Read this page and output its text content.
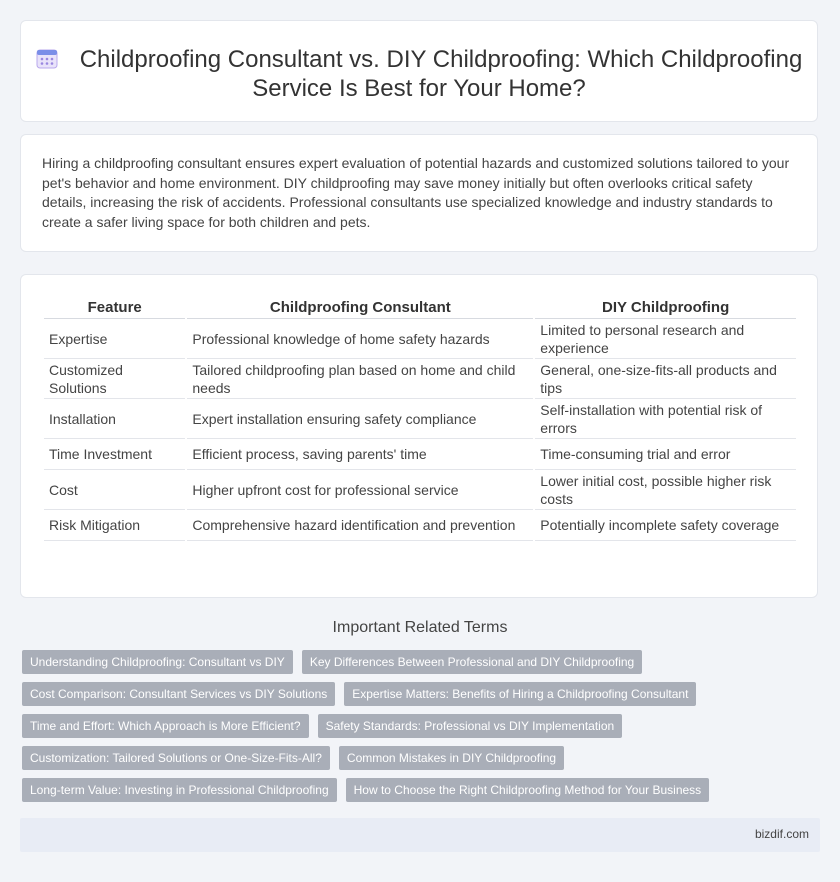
Childproofing Consultant vs. DIY Childproofing: Which Childproofing Service Is Best for Your Home?

Hiring a childproofing consultant ensures expert evaluation of potential hazards and customized solutions tailored to your pet's behavior and home environment. DIY childproofing may save money initially but often overlooks critical safety details, increasing the risk of accidents. Professional consultants use specialized knowledge and industry standards to create a safer living space for both children and pets.

Feature	Childproofing Consultant	DIY Childproofing
Expertise	Professional knowledge of home safety hazards	Limited to personal research and experience
Customized Solutions	Tailored childproofing plan based on home and child needs	General, one-size-fits-all products and tips
Installation	Expert installation ensuring safety compliance	Self-installation with potential risk of errors
Time Investment	Efficient process, saving parents' time	Time-consuming trial and error
Cost	Higher upfront cost for professional service	Lower initial cost, possible higher risk costs
Risk Mitigation	Comprehensive hazard identification and prevention	Potentially incomplete safety coverage
Important Related Terms
Understanding Childproofing: Consultant vs DIY	Key Differences Between Professional and DIY Childproofing
Cost Comparison: Consultant Services vs DIY Solutions	Expertise Matters: Benefits of Hiring a Childproofing Consultant
Time and Effort: Which Approach is More Efficient?	Safety Standards: Professional vs DIY Implementation
Customization: Tailored Solutions or One-Size-Fits-All?	Common Mistakes in DIY Childproofing
Long-term Value: Investing in Professional Childproofing	How to Choose the Right Childproofing Method for Your Business
bizdif.com
